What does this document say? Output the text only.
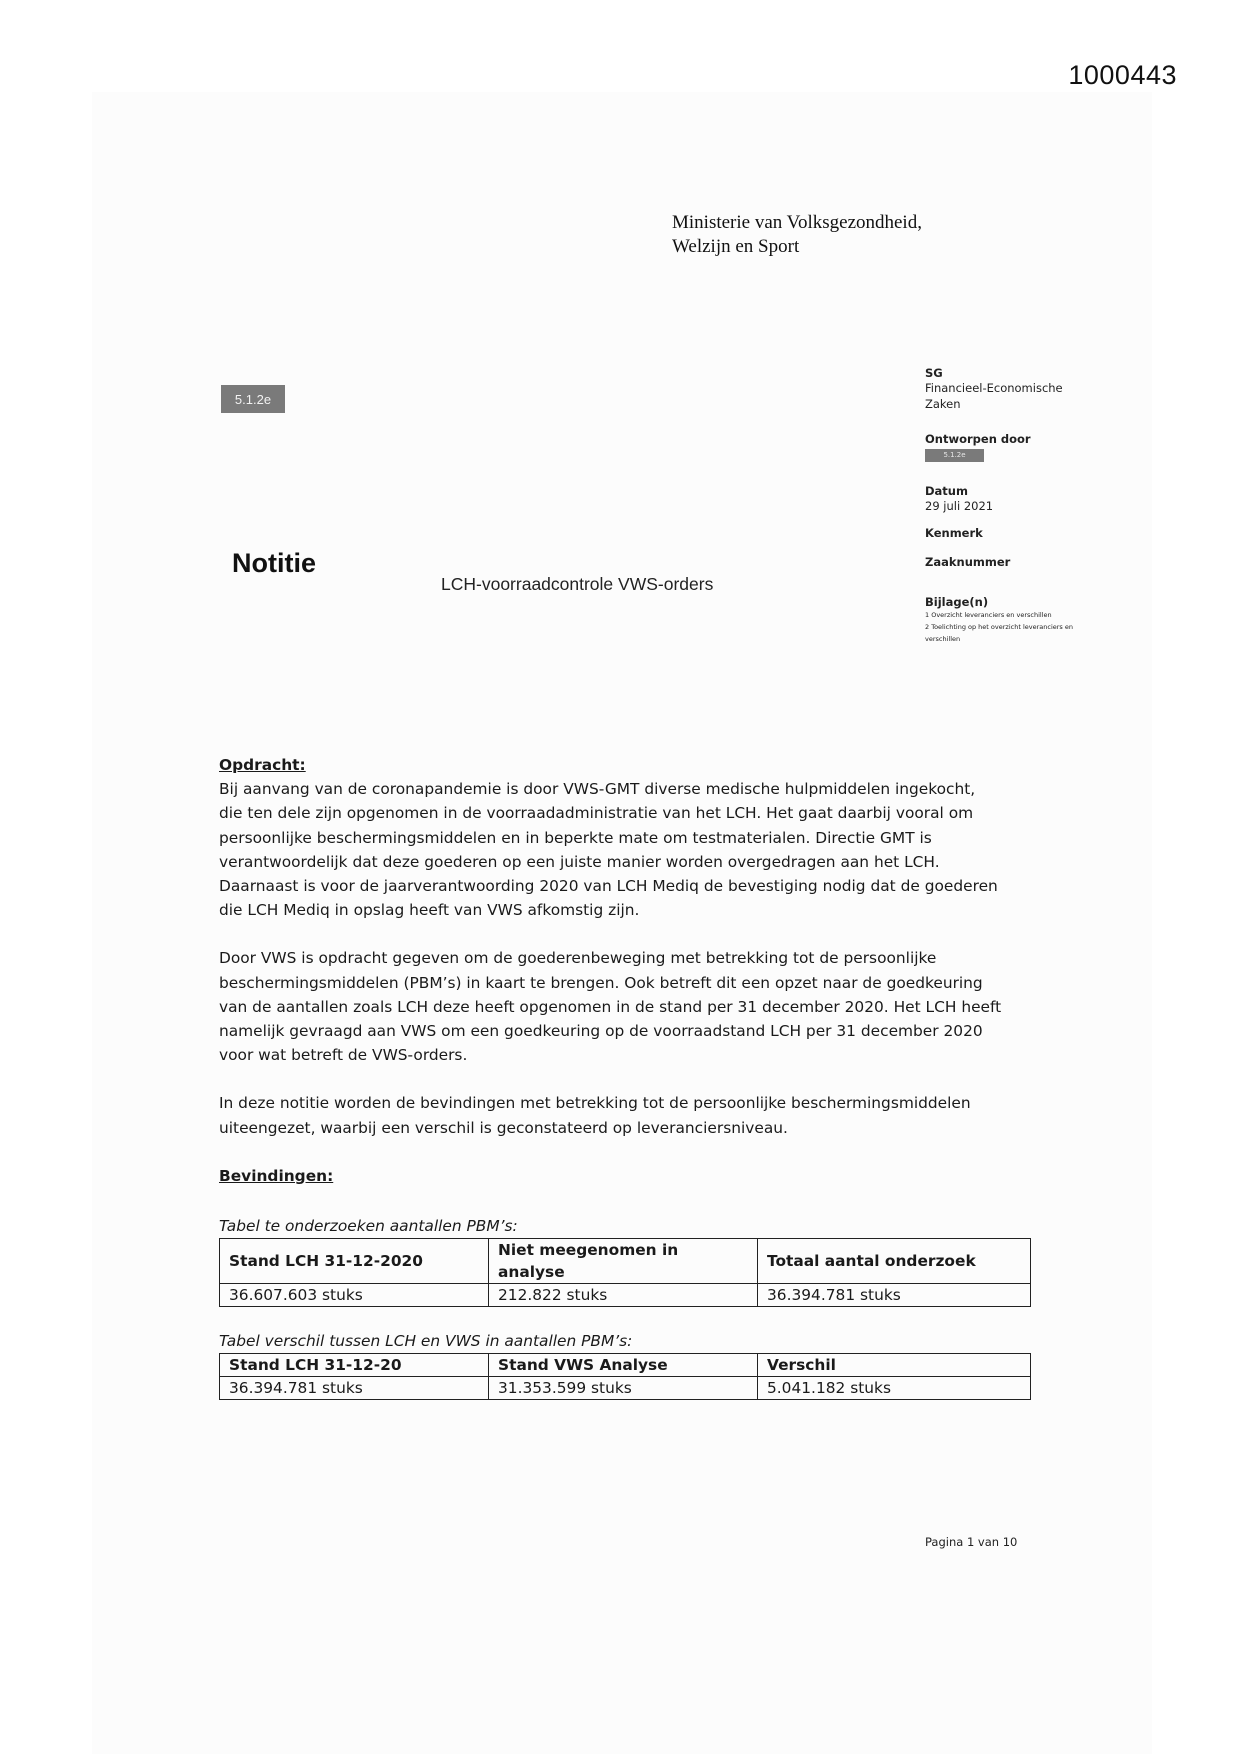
1000443
Ministerie van Volksgezondheid,
Welzijn en Sport
5.1.2e
SG
Financieel-Economische
Zaken
Ontworpen door
5.1.2e
Datum
29 juli 2021
Kenmerk
Zaaknummer
Bijlage(n)
1 Overzicht leveranciers en verschillen
2 Toelichting op het overzicht leveranciers en verschillen
Notitie
LCH-voorraadcontrole VWS-orders
Opdracht:

Bij aanvang van de coronapandemie is door VWS-GMT diverse medische hulpmiddelen ingekocht,

die ten dele zijn opgenomen in de voorraadadministratie van het LCH. Het gaat daarbij vooral om

persoonlijke beschermingsmiddelen en in beperkte mate om testmaterialen. Directie GMT is

verantwoordelijk dat deze goederen op een juiste manier worden overgedragen aan het LCH.

Daarnaast is voor de jaarverantwoording 2020 van LCH Mediq de bevestiging nodig dat de goederen

die LCH Mediq in opslag heeft van VWS afkomstig zijn.

Door VWS is opdracht gegeven om de goederenbeweging met betrekking tot de persoonlijke

beschermingsmiddelen (PBM’s) in kaart te brengen. Ook betreft dit een opzet naar de goedkeuring

van de aantallen zoals LCH deze heeft opgenomen in de stand per 31 december 2020. Het LCH heeft

namelijk gevraagd aan VWS om een goedkeuring op de voorraadstand LCH per 31 december 2020

voor wat betreft de VWS-orders.

In deze notitie worden de bevindingen met betrekking tot de persoonlijke beschermingsmiddelen

uiteengezet, waarbij een verschil is geconstateerd op leveranciersniveau.

Bevindingen:
Tabel te onderzoeken aantallen PBM’s:
Stand LCH 31-12-2020	Niet meegenomen in analyse	Totaal aantal onderzoek
36.607.603 stuks	212.822 stuks	36.394.781 stuks
Tabel verschil tussen LCH en VWS in aantallen PBM’s:
Stand LCH 31-12-20	Stand VWS Analyse	Verschil
36.394.781 stuks	31.353.599 stuks	5.041.182 stuks
Pagina 1 van 10
